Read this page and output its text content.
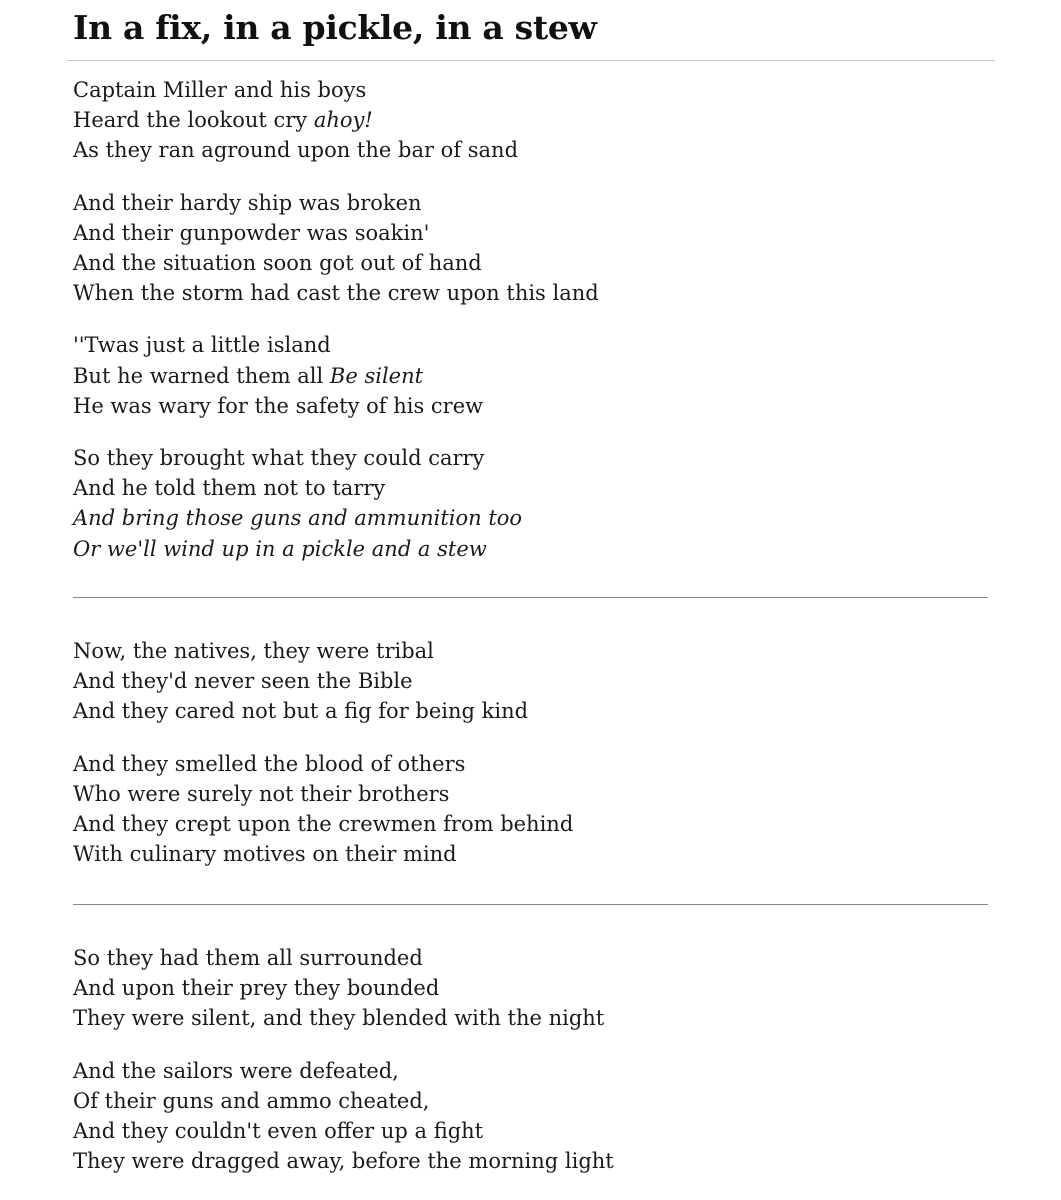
In a fix, in a pickle, in a stew
Captain Miller and his boys
Heard the lookout cry ahoy!
As they ran aground upon the bar of sand
And their hardy ship was broken
And their gunpowder was soakin'
And the situation soon got out of hand
When the storm had cast the crew upon this land
''Twas just a little island
But he warned them all Be silent
He was wary for the safety of his crew
So they brought what they could carry
And he told them not to tarry
And bring those guns and ammunition too
Or we'll wind up in a pickle and a stew
Now, the natives, they were tribal
And they'd never seen the Bible
And they cared not but a fig for being kind
And they smelled the blood of others
Who were surely not their brothers
And they crept upon the crewmen from behind
With culinary motives on their mind
So they had them all surrounded
And upon their prey they bounded
They were silent, and they blended with the night
And the sailors were defeated,
Of their guns and ammo cheated,
And they couldn't even offer up a fight
They were dragged away, before the morning light
